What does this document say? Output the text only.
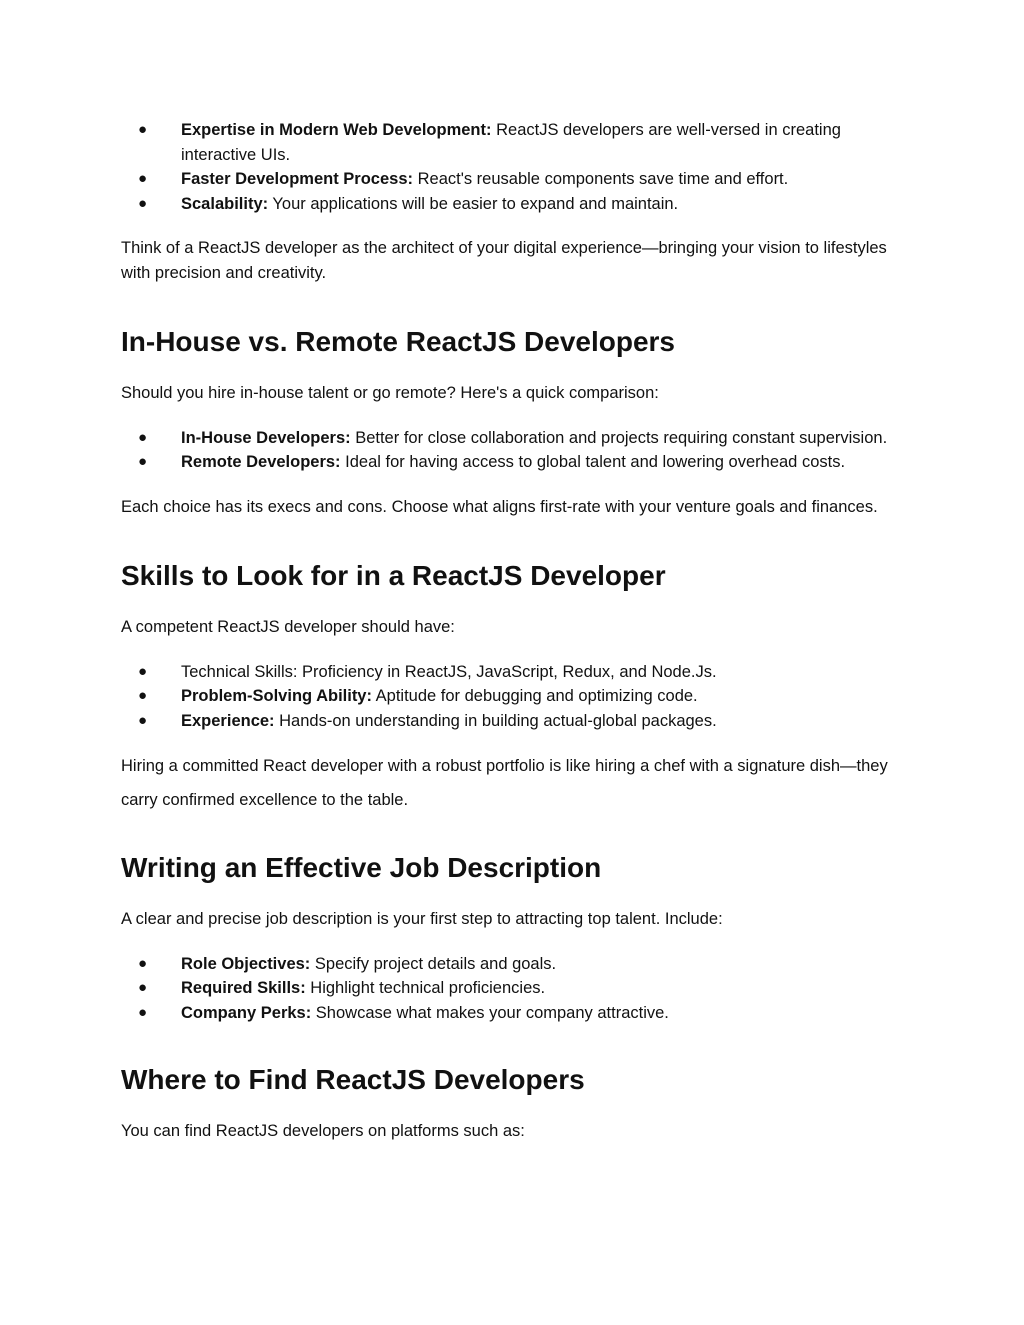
● Expertise in Modern Web Development: ReactJS developers are well-versed in creating interactive UIs.
● Faster Development Process: React's reusable components save time and effort.
● Scalability: Your applications will be easier to expand and maintain.

Think of a ReactJS developer as the architect of your digital experience—bringing your vision to lifestyles with precision and creativity.

In-House vs. Remote ReactJS Developers

Should you hire in-house talent or go remote? Here's a quick comparison:

● In-House Developers: Better for close collaboration and projects requiring constant supervision.
● Remote Developers: Ideal for having access to global talent and lowering overhead costs.

Each choice has its execs and cons. Choose what aligns first-rate with your venture goals and finances.

Skills to Look for in a ReactJS Developer

A competent ReactJS developer should have:

● Technical Skills: Proficiency in ReactJS, JavaScript, Redux, and Node.Js.
● Problem-Solving Ability: Aptitude for debugging and optimizing code.
● Experience: Hands-on understanding in building actual-global packages.

Hiring a committed React developer with a robust portfolio is like hiring a chef with a signature dish—they carry confirmed excellence to the table.

Writing an Effective Job Description

A clear and precise job description is your first step to attracting top talent. Include:

● Role Objectives: Specify project details and goals.
● Required Skills: Highlight technical proficiencies.
● Company Perks: Showcase what makes your company attractive.
Where to Find ReactJS Developers

You can find ReactJS developers on platforms such as:
